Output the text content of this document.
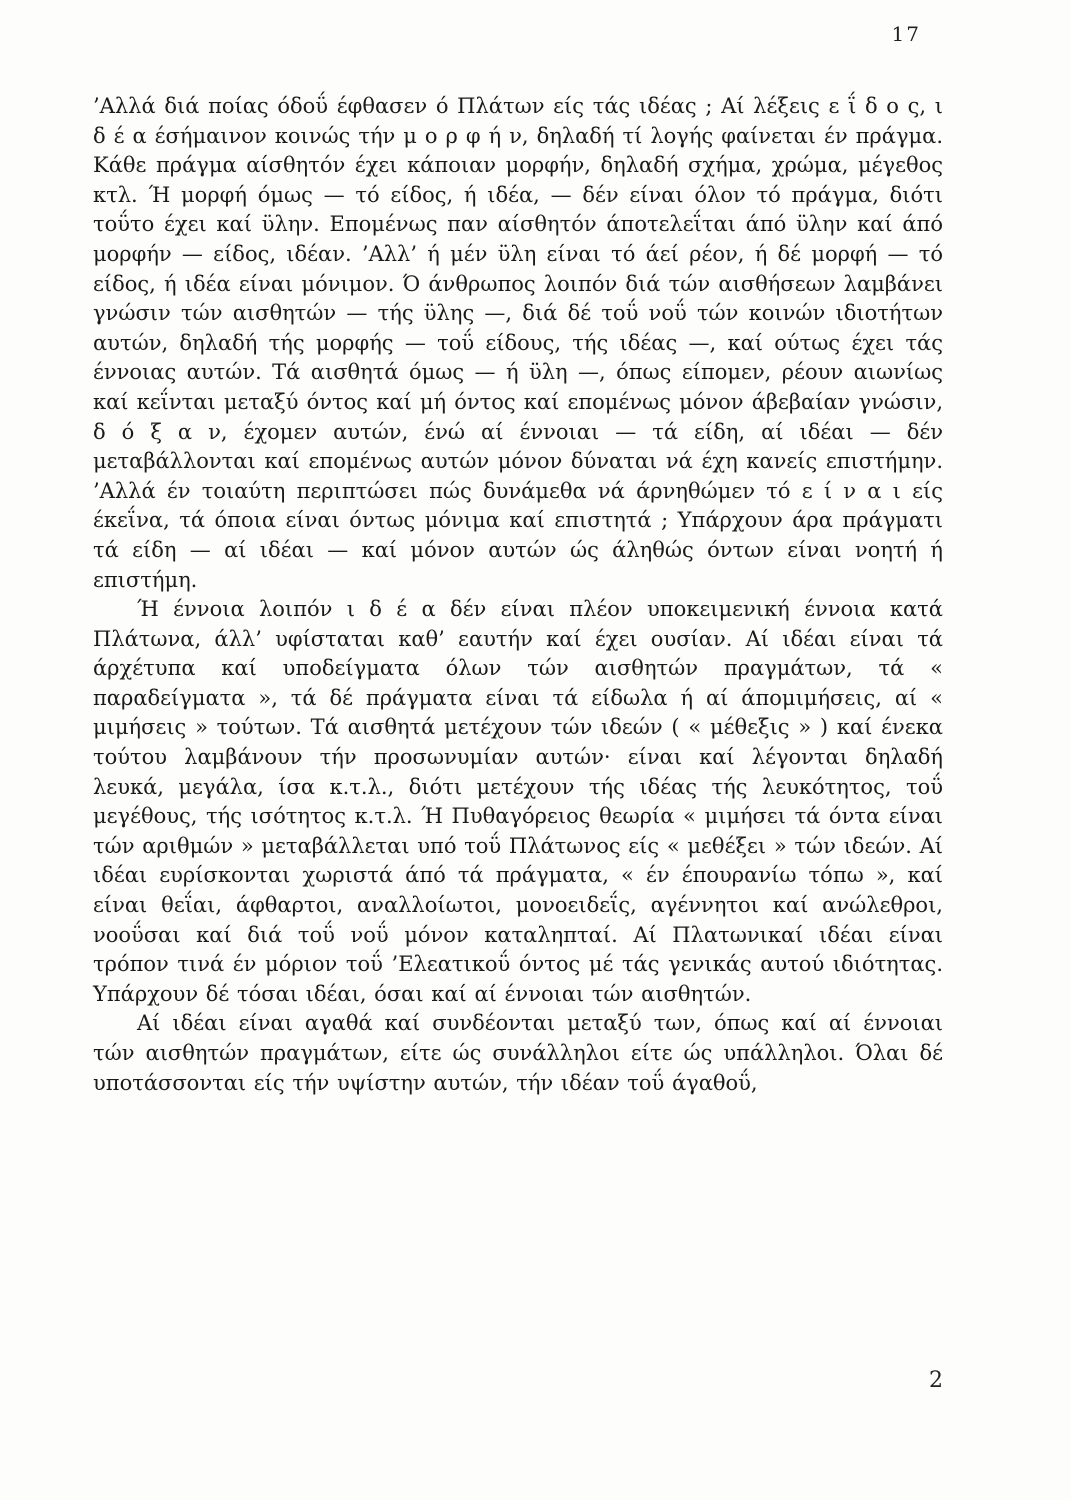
17

’Αλλά διά ποίας όδοΰ έφθασεν ό Πλάτων είς τάς ιδέας ; Αί λέξεις ε ΐ δ ο ς, ι δ έ α έσήμαινον κοινώς τήν μ ο ρ φ ή ν, δηλαδή τί λογής φαίνεται έν πράγμα. Κάθε πράγμα αίσθητόν έχει κάποιαν μορφήν, δηλαδή σχήμα, χρώμα, μέγεθος κτλ. Ή μορφή όμως — τό είδος, ή ιδέα, — δέν είναι όλον τό πράγμα, διότι τοΰτο έχει καί ϋλην. Επομένως παν αίσθητόν άποτελεΐται άπό ϋλην καί άπό μορφήν — είδος, ιδέαν. ’Αλλ’ ή μέν ϋλη είναι τό άεί ρέον, ή δέ μορφή — τό είδος, ή ιδέα είναι μόνιμον. Ό άνθρωπος λοιπόν διά τών αισθήσεων λαμβάνει γνώσιν τών αισθητών — τής ϋλης —, διά δέ τοΰ νοΰ τών κοινών ιδιοτήτων αυτών, δηλαδή τής μορφής — τοΰ είδους, τής ιδέας —, καί ούτως έχει τάς έννοιας αυτών. Τά αισθητά όμως — ή ϋλη —, όπως είπομεν, ρέουν αιωνίως καί κεΐνται μεταξύ όντος καί μή όντος καί επομένως μόνον άβεβαίαν γνώσιν, δ ό ξ α ν, έχομεν αυτών, ένώ αί έννοιαι — τά είδη, αί ιδέαι — δέν μεταβάλλονται καί επομένως αυτών μόνον δύναται νά έχη κανείς επιστήμην. ’Αλλά έν τοιαύτη περιπτώσει πώς δυνάμεθα νά άρνηθώμεν τό ε ί ν α ι είς έκεΐνα, τά όποια είναι όντως μόνιμα καί επιστητά ; Υπάρχουν άρα πράγματι τά είδη — αί ιδέαι — καί μόνον αυτών ώς άληθώς όντων είναι νοητή ή επιστήμη.

Ή έννοια λοιπόν ι δ έ α δέν είναι πλέον υποκειμενική έννοια κατά Πλάτωνα, άλλ’ υφίσταται καθ’ εαυτήν καί έχει ουσίαν. Αί ιδέαι είναι τά άρχέτυπα καί υποδείγματα όλων τών αισθητών πραγμάτων, τά « παραδείγματα », τά δέ πράγματα είναι τά είδωλα ή αί άπομιμήσεις, αί « μιμήσεις » τούτων. Τά αισθητά μετέχουν τών ιδεών ( « μέθεξις » ) καί ένεκα τούτου λαμβάνουν τήν προσωνυμίαν αυτών· είναι καί λέγονται δηλαδή λευκά, μεγάλα, ίσα κ.τ.λ., διότι μετέχουν τής ιδέας τής λευκότητος, τοΰ μεγέθους, τής ισότητος κ.τ.λ. Ή Πυθαγόρειος θεωρία « μιμήσει τά όντα είναι τών αριθμών » μεταβάλλεται υπό τοΰ Πλάτωνος είς « μεθέξει » τών ιδεών. Αί ιδέαι ευρίσκονται χωριστά άπό τά πράγματα, « έν έπουρανίω τόπω », καί είναι θεΐαι, άφθαρτοι, αναλλοίωτοι, μονοειδεΐς, αγέννητοι καί ανώλεθροι, νοοΰσαι καί διά τοΰ νοΰ μόνον καταληπταί. Αί Πλατωνικαί ιδέαι είναι τρόπον τινά έν μόριον τοΰ ’Ελεατικοΰ όντος μέ τάς γενικάς αυτού ιδιότητας. Υπάρχουν δέ τόσαι ιδέαι, όσαι καί αί έννοιαι τών αισθητών.

Αί ιδέαι είναι αγαθά καί συνδέονται μεταξύ των, όπως καί αί έννοιαι τών αισθητών πραγμάτων, είτε ώς συνάλληλοι είτε ώς υπάλληλοι. Όλαι δέ υποτάσσονται είς τήν υψίστην αυτών, τήν ιδέαν τοΰ άγαθοΰ,

2
